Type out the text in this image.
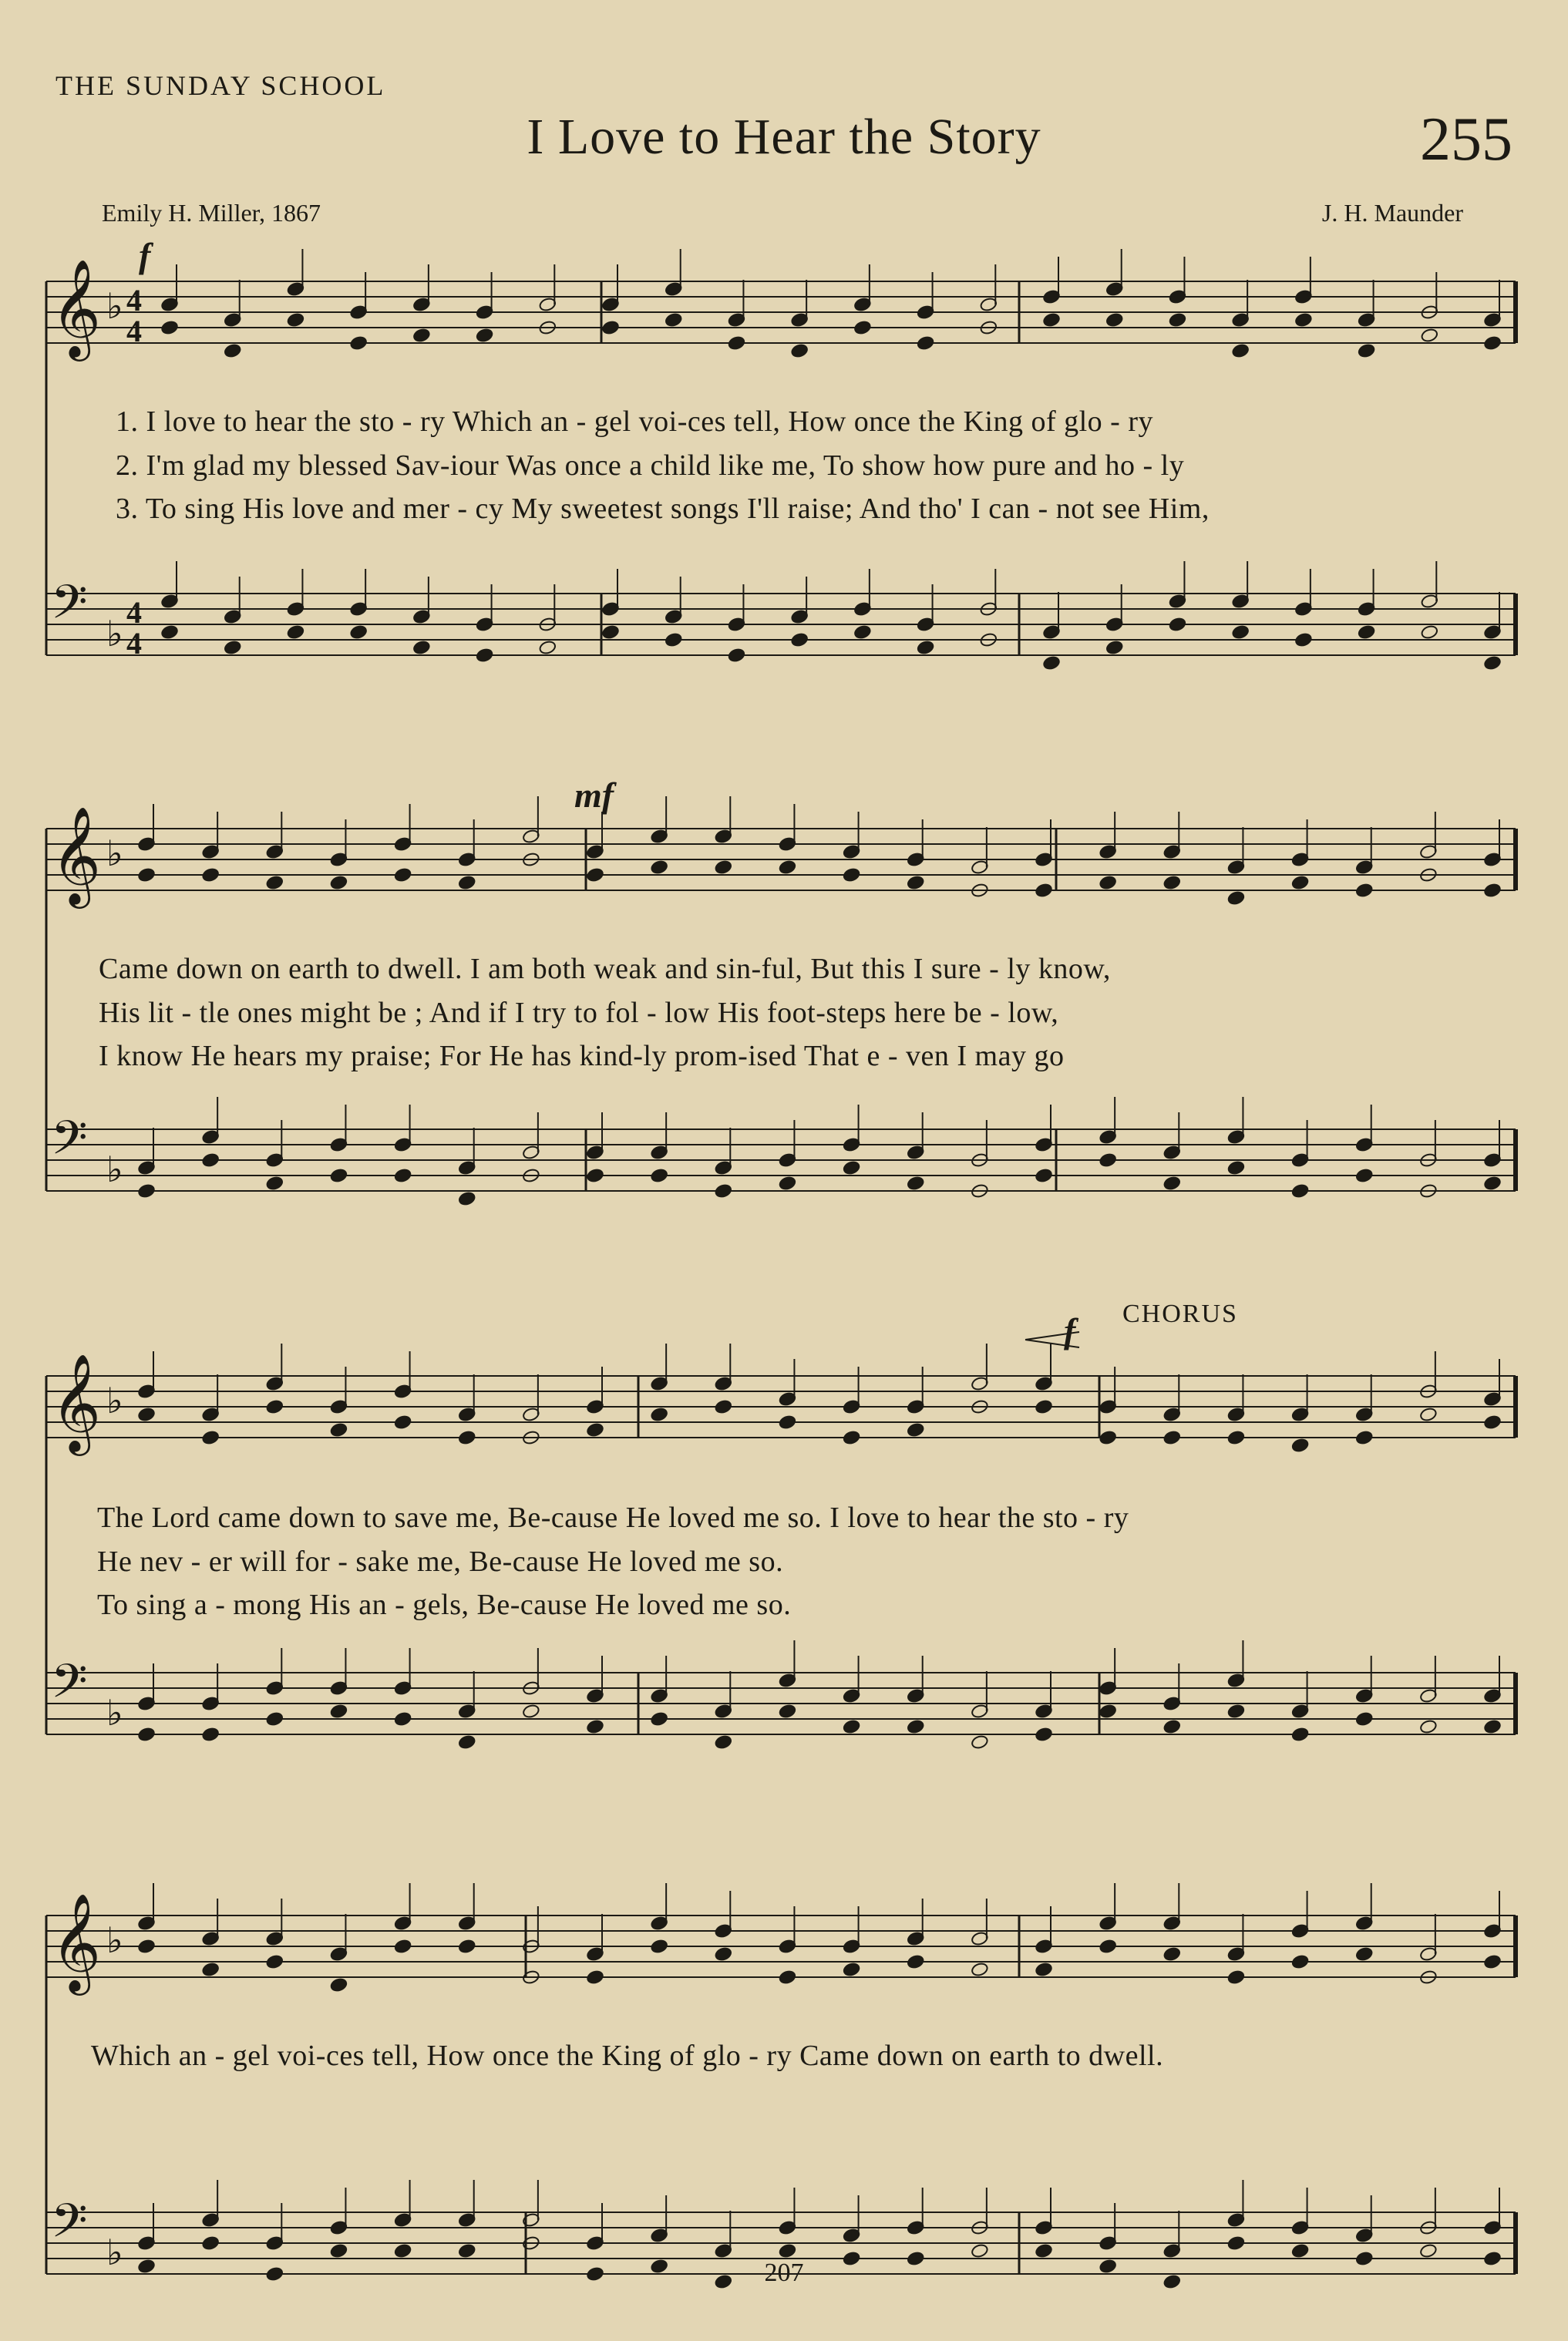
𝄞 ♭ 4
4
𝄢 ♭
4
4
𝄞 ♭
𝄢 ♭
𝄞 ♭
𝄢 ♭
𝄞 ♭
𝄢 ♭
THE SUNDAY SCHOOL
I Love to Hear the Story	255
Emily H. Miller, 1867	J. H. Maunder
f
mf
f CHORUS
1. I love to hear the sto - ry Which an - gel voi-ces tell, How once the King of glo - ry
2. I'm glad my blessed Sav-iour Was once a child like me, To show how pure and ho - ly
3. To sing His love and mer - cy My sweetest songs I'll raise; And tho' I can - not see Him,
Came down on earth to dwell. I am both weak and sin-ful, But this I sure - ly know,
His lit - tle ones might be ; And if I try to fol - low His foot-steps here be - low,
I know He hears my praise; For He has kind-ly prom-ised That e - ven I may go
The Lord came down to save me, Be-cause He loved me so. I love to hear the sto - ry
He nev - er will for - sake me, Be-cause He loved me so.
To sing a - mong His an - gels, Be-cause He loved me so.
Which an - gel voi-ces tell, How once the King of glo - ry Came down on earth to dwell.
207
